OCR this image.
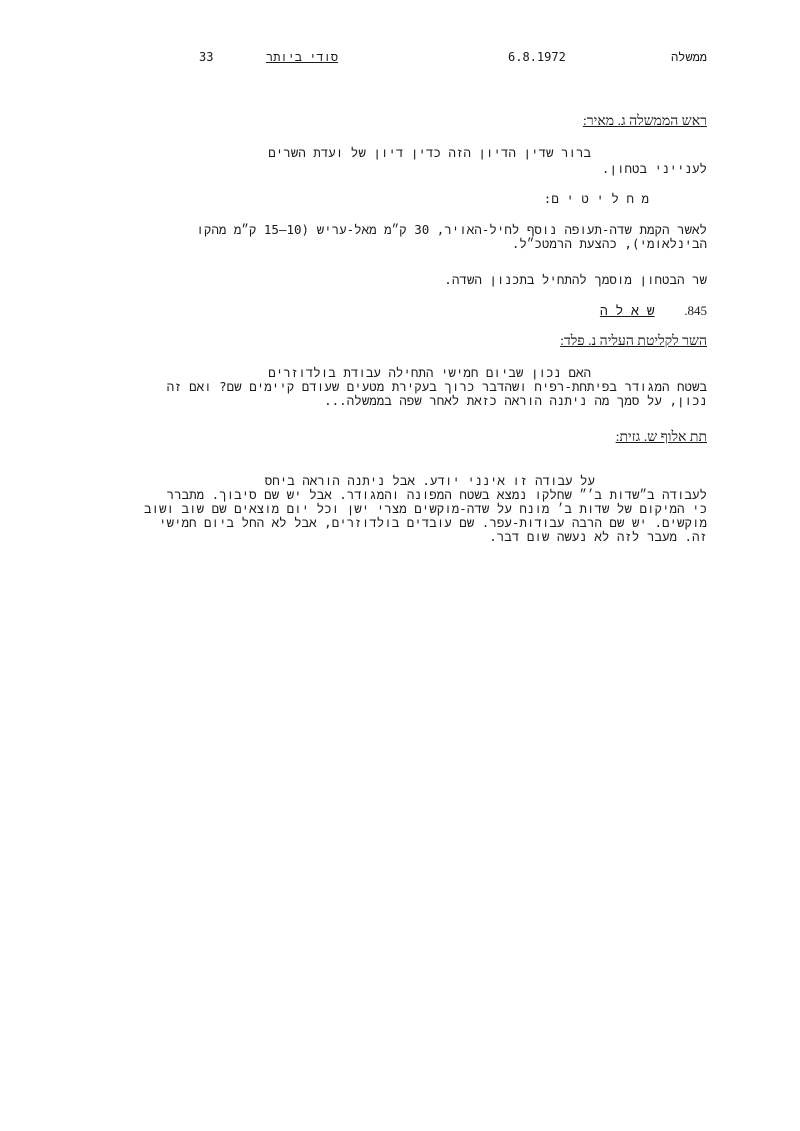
ממשלה
6.8.1972
סודי ביותר
33
ראש הממשלה ג. מאיר:
ברור שדין הדיון הזה כדין דיון של ועדת השרים
לענייני בטחון.
מ ח ל י ט י ם:
לאשר הקמת שדה-תעופה נוסף לחיל-האויר, 30 ק״מ מאל-עריש (10–15 ק״מ מהקו
הבינלאומי), כהצעת הרמטכ״ל.
שר הבטחון מוסמך להתחיל בתכנון השדה.
845.  ש א ל ה
השר לקליטת העליה נ. פלד:
האם נכון שביום חמישי התחילה עבודת בולדוזרים
בשטח המגודר בפיתחת-רפיח ושהדבר כרוך בעקירת מטעים שעודם קיימים שם? ואם זה
נכון, על סמך מה ניתנה הוראה כזאת לאחר שפה בממשלה...
תת אלוף ש. גזית:
על עבודה זו אינני יודע. אבל ניתנה הוראה ביחס
לעבודה ב״שדות ב׳״ שחלקו נמצא בשטח המפונה והמגודר. אבל יש שם סיבוך. מתברר
כי המיקום של שדות ב׳ מונח על שדה-מוקשים מצרי ישן וכל יום מוצאים שם שוב ושוב
מוקשים. יש שם הרבה עבודות-עפר. שם עובדים בולדוזרים, אבל לא החל ביום חמישי
זה. מעבר לזה לא נעשה שום דבר.
